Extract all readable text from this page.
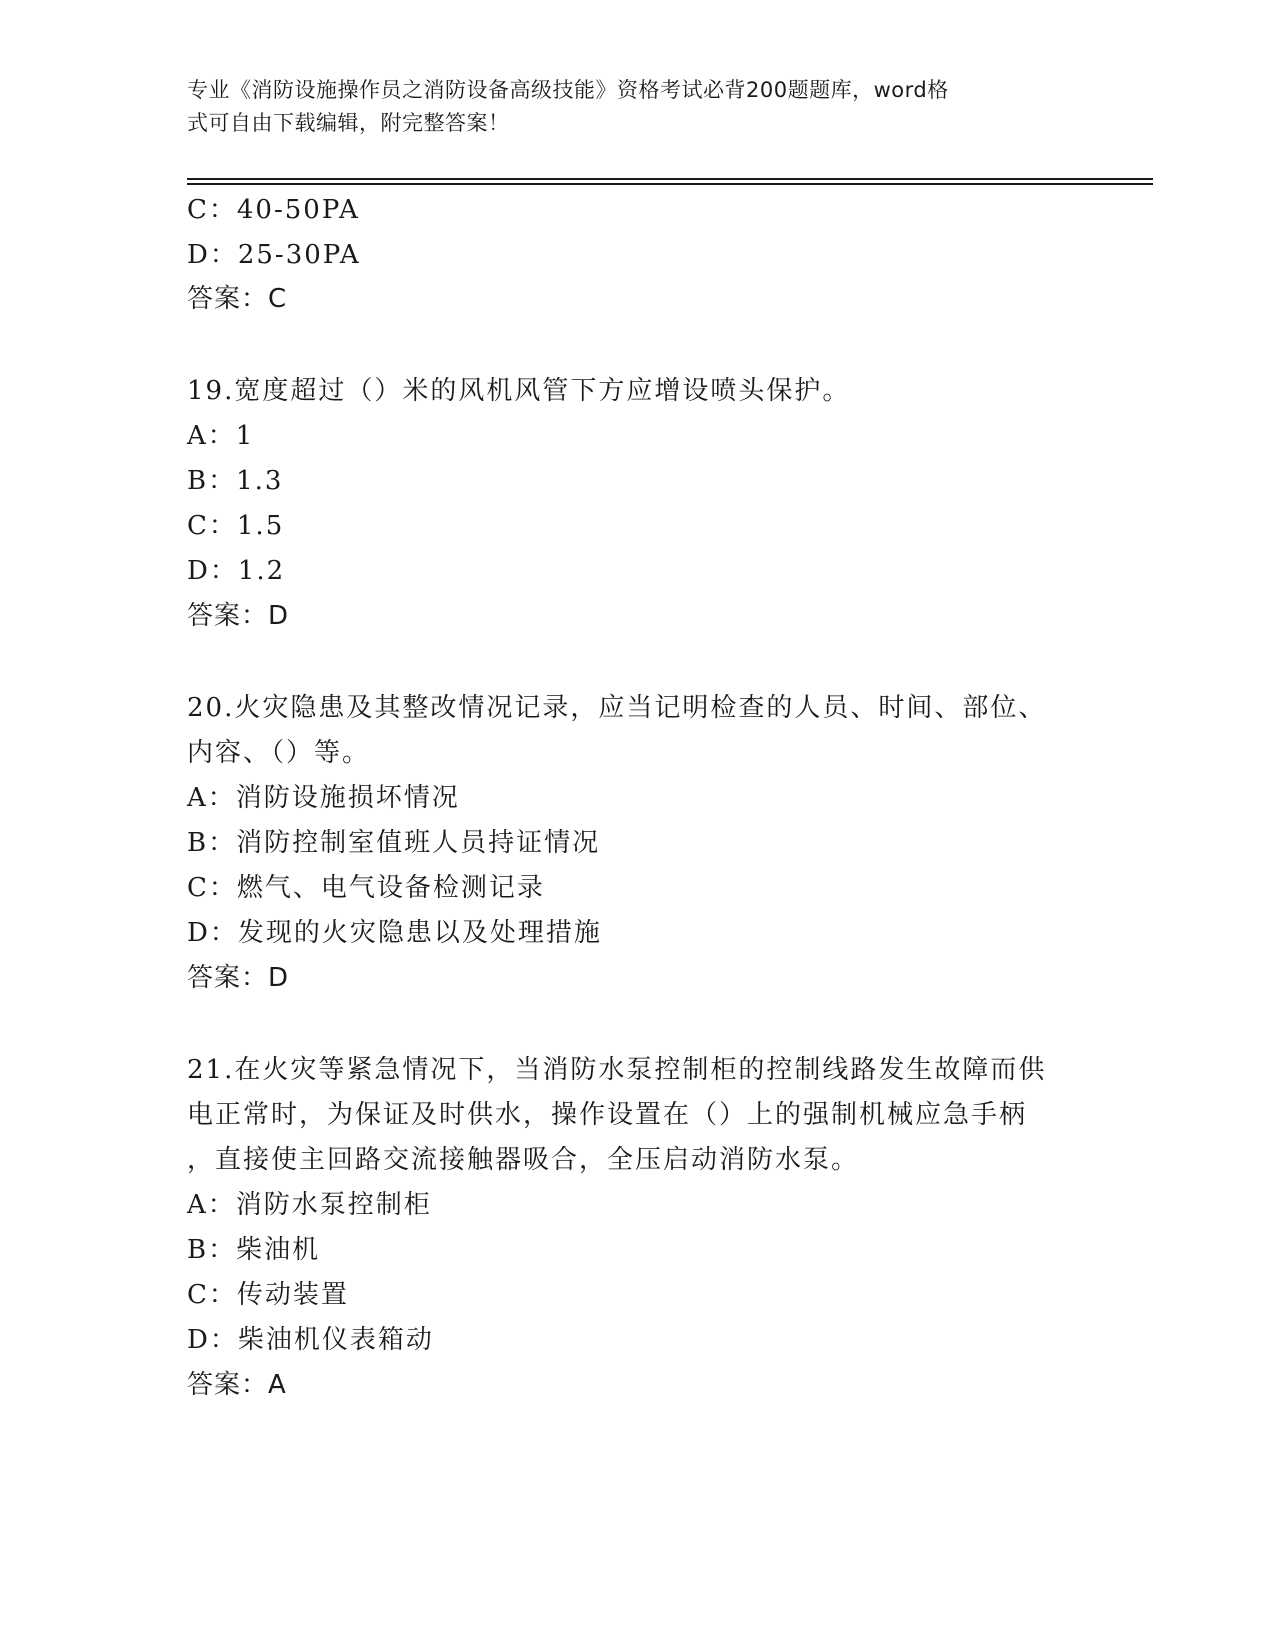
专业《消防设施操作员之消防设备高级技能》资格考试必背200题题库，word格
式可自由下载编辑，附完整答案！
C：40-50PA
D：25-30PA
答案：C
19.宽度超过（）米的风机风管下方应增设喷头保护。
A：1
B：1.3
C：1.5
D：1.2
答案：D
20.火灾隐患及其整改情况记录，应当记明检查的人员、时间、部位、
内容、（）等。
A：消防设施损坏情况
B：消防控制室值班人员持证情况
C：燃气、电气设备检测记录
D：发现的火灾隐患以及处理措施
答案：D
21.在火灾等紧急情况下，当消防水泵控制柜的控制线路发生故障而供
电正常时，为保证及时供水，操作设置在（）上的强制机械应急手柄
，直接使主回路交流接触器吸合，全压启动消防水泵。
A：消防水泵控制柜
B：柴油机
C：传动装置
D：柴油机仪表箱动
答案：A
